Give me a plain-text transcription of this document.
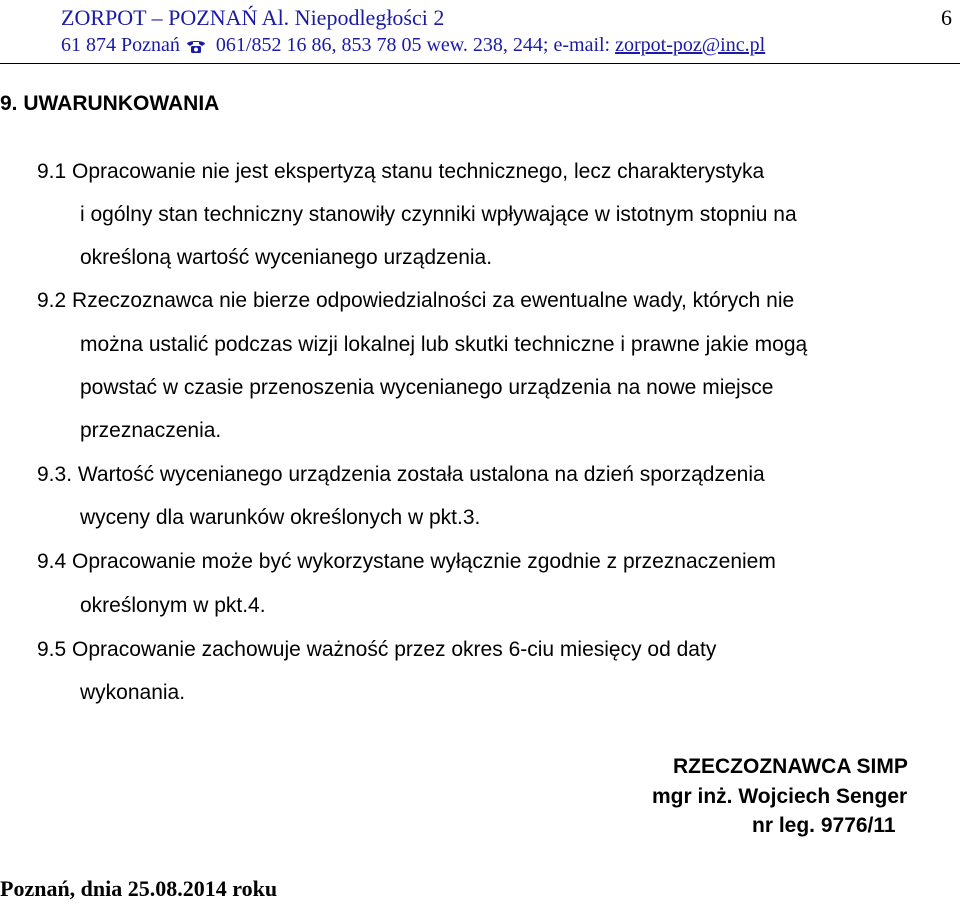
ZORPOT – POZNAŃ Al. Niepodległości 2
61 874 Poznań 061/852 16 86, 853 78 05 wew. 238, 244; e-mail: zorpot-poz@inc.pl
6
9. UWARUNKOWANIA
9.1 Opracowanie nie jest ekspertyzą stanu technicznego, lecz charakterystyka
i ogólny stan techniczny stanowiły czynniki wpływające w istotnym stopniu na
określoną wartość wycenianego urządzenia.
9.2 Rzeczoznawca nie bierze odpowiedzialności za ewentualne wady, których nie
można ustalić podczas wizji lokalnej lub skutki techniczne i prawne jakie mogą
powstać w czasie przenoszenia wycenianego urządzenia na nowe miejsce
przeznaczenia.
9.3. Wartość wycenianego urządzenia została ustalona na dzień sporządzenia
wyceny dla warunków określonych w pkt.3.
9.4 Opracowanie może być wykorzystane wyłącznie zgodnie z przeznaczeniem
określonym w pkt.4.
9.5 Opracowanie zachowuje ważność przez okres 6-ciu miesięcy od daty
wykonania.
RZECZOZNAWCA SIMP
mgr inż. Wojciech Senger
nr leg. 9776/11
Poznań, dnia 25.08.2014 roku
